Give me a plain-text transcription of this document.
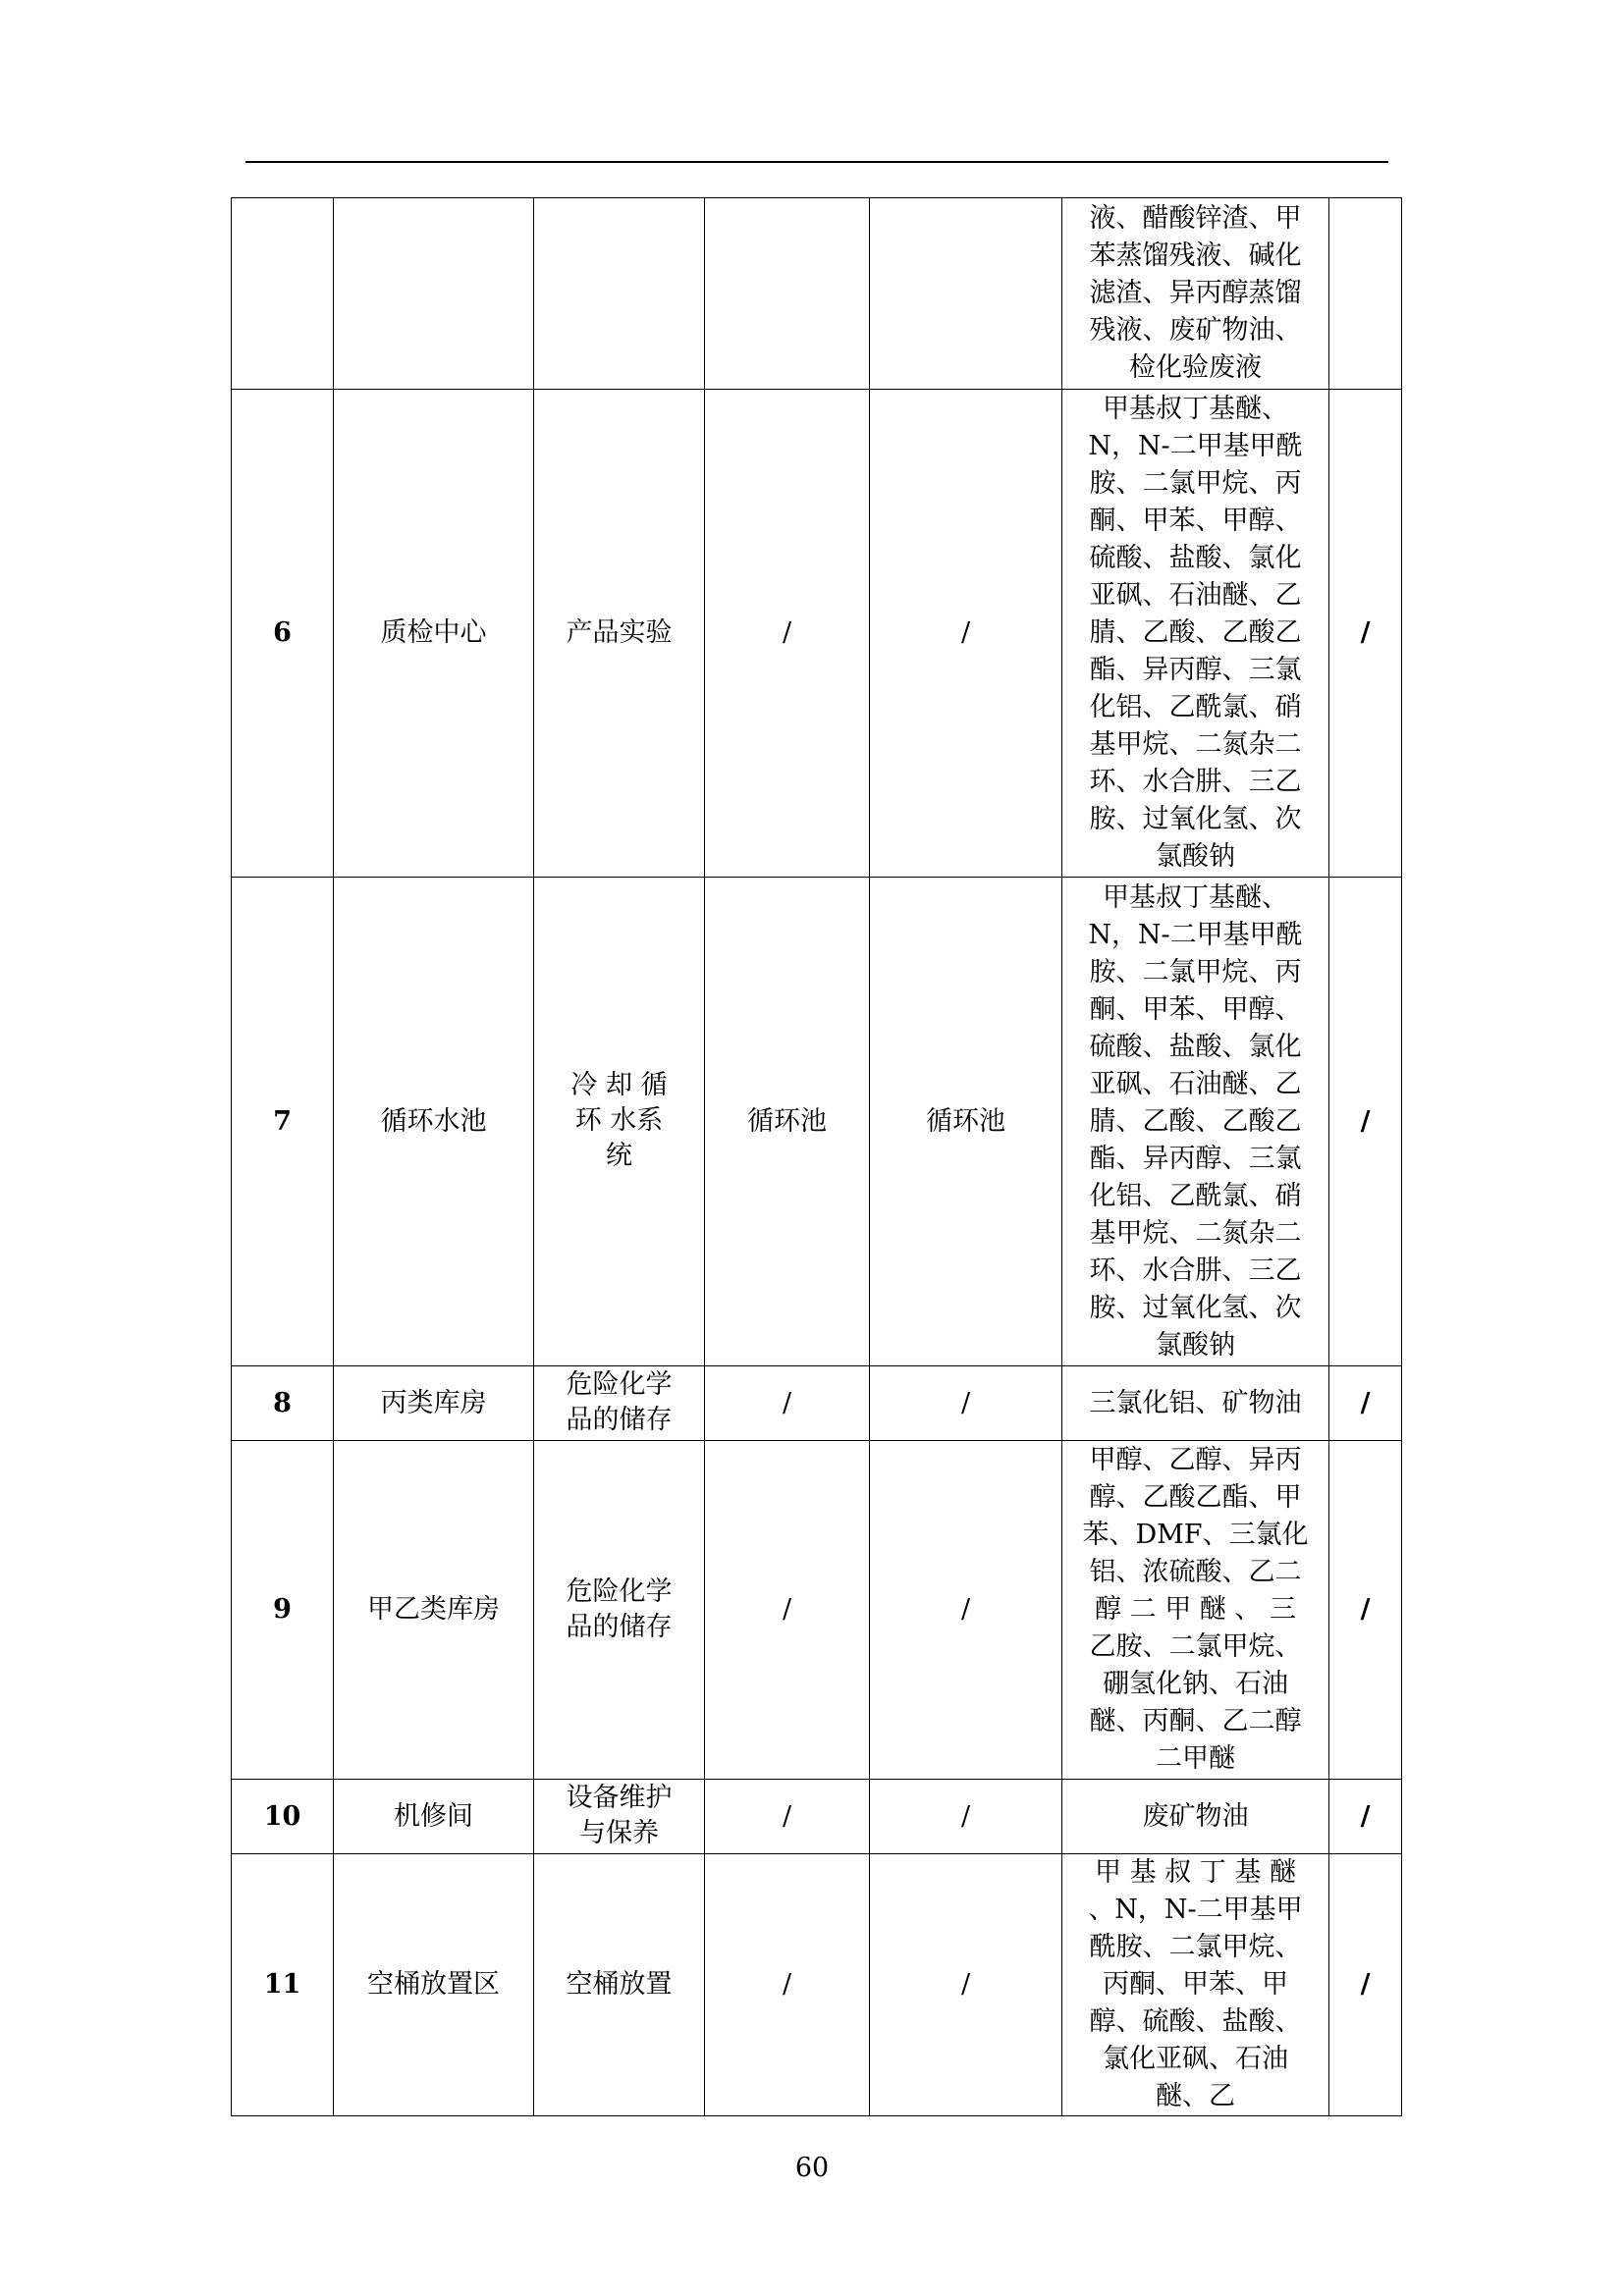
					液、醋酸锌渣、甲苯蒸馏残液、碱化滤渣、异丙醇蒸馏残液、废矿物油、检化验废液	

6	质检中心	产品实验	/	/	甲基叔丁基醚、N，N-二甲基甲酰胺、二氯甲烷、丙酮、甲苯、甲醇、硫酸、盐酸、氯化亚砜、石油醚、乙腈、乙酸、乙酸乙酯、异丙醇、三氯化铝、乙酰氯、硝基甲烷、二氮杂二环、水合肼、三乙胺、过氧化氢、次氯酸钠	/
7	循环水池	冷 却 循 环 水系统	循环池	循环池	甲基叔丁基醚、N，N-二甲基甲酰胺、二氯甲烷、丙酮、甲苯、甲醇、硫酸、盐酸、氯化亚砜、石油醚、乙腈、乙酸、乙酸乙酯、异丙醇、三氯化铝、乙酰氯、硝基甲烷、二氮杂二环、水合肼、三乙胺、过氧化氢、次氯酸钠	/
8	丙类库房	危险化学品的储存	/	/	三氯化铝、矿物油	/
9	甲乙类库房	危险化学品的储存	/	/	甲醇、乙醇、异丙醇、乙酸乙酯、甲苯、DMF、三氯化铝、浓硫酸、乙二醇 二 甲 醚 、 三 乙胺、二氯甲烷、硼氢化钠、石油醚、丙酮、乙二醇二甲醚	/
10	机修间	设备维护与保养	/	/	废矿物油	/
11	空桶放置区	空桶放置	/	/	甲 基 叔 丁 基 醚 、N，N-二甲基甲酰胺、二氯甲烷、丙酮、甲苯、甲醇、硫酸、盐酸、氯化亚砜、石油醚、乙	/
60
